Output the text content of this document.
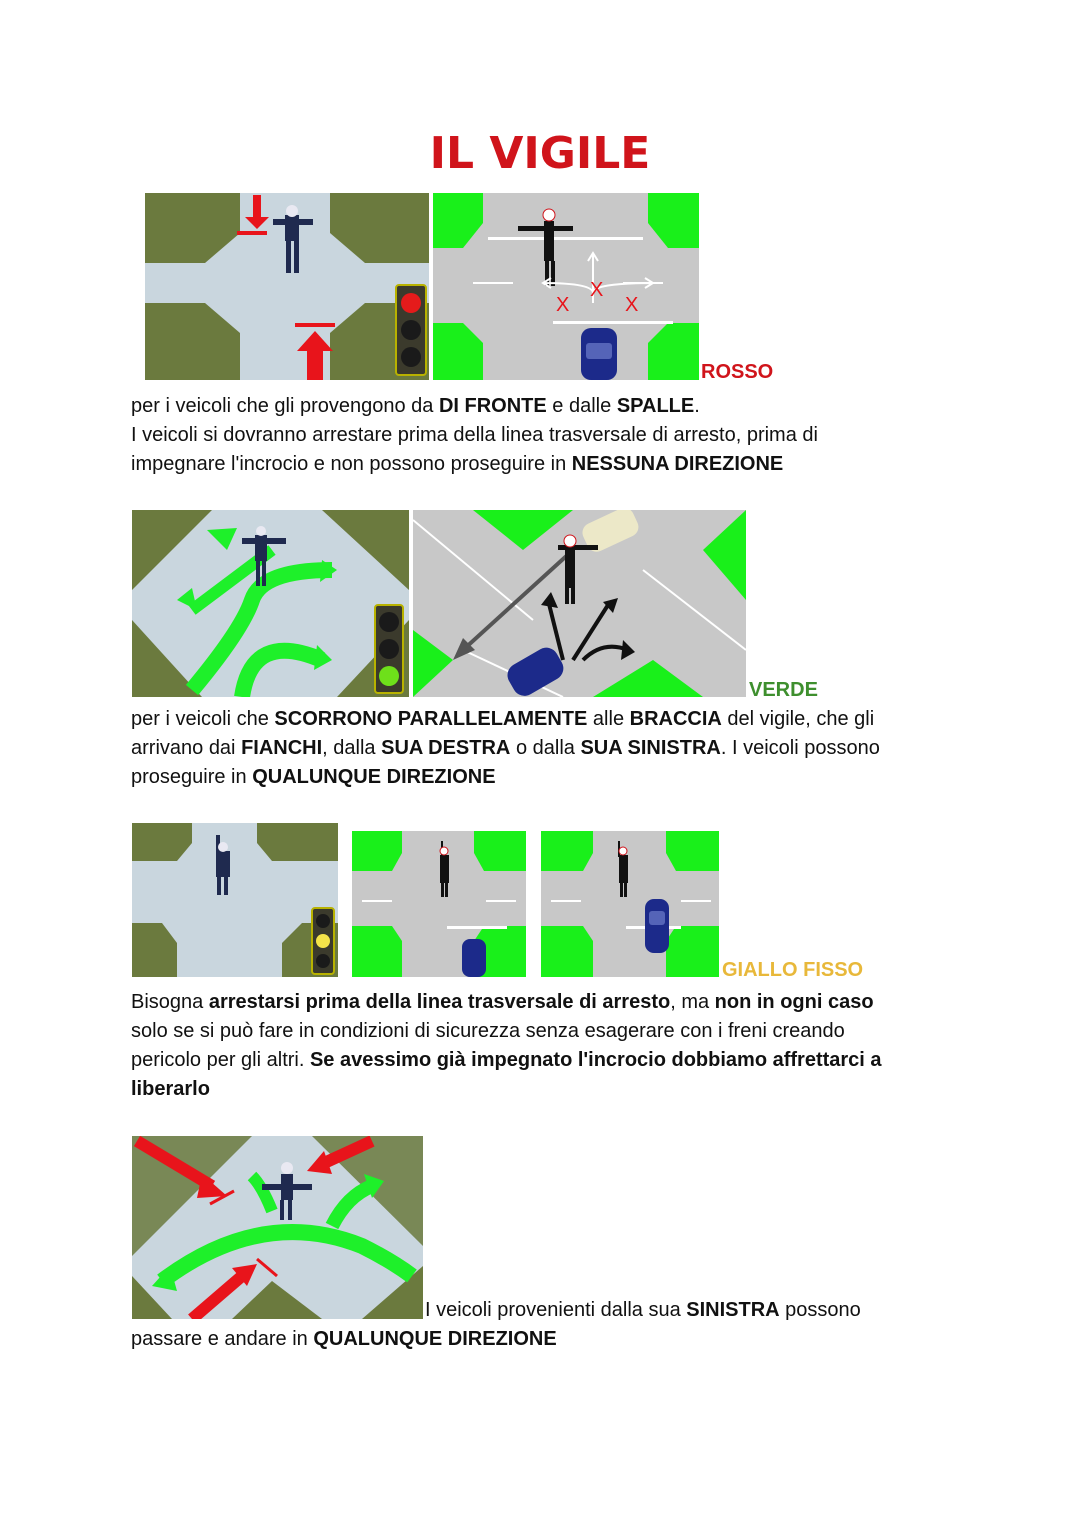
IL VIGILE
X
X
X
ROSSO

per i veicoli che gli provengono da DI FRONTE e dalle SPALLE.
I veicoli si dovranno arrestare prima della linea trasversale di arresto, prima di
impegnare l'incrocio e non possono proseguire in NESSUNA DIREZIONE

VERDE

per i veicoli che SCORRONO PARALLELAMENTE alle BRACCIA del vigile, che gli
arrivano dai FIANCHI, dalla SUA DESTRA o dalla SUA SINISTRA. I veicoli possono
proseguire in QUALUNQUE DIREZIONE

GIALLO FISSO

Bisogna arrestarsi prima della linea trasversale di arresto, ma non in ogni caso
solo se si può fare in condizioni di sicurezza senza esagerare con i freni creando
pericolo per gli altri. Se avessimo già impegnato l'incrocio dobbiamo affrettarci a
liberarlo

I veicoli provenienti dalla sua SINISTRA possono

passare e andare in QUALUNQUE DIREZIONE
